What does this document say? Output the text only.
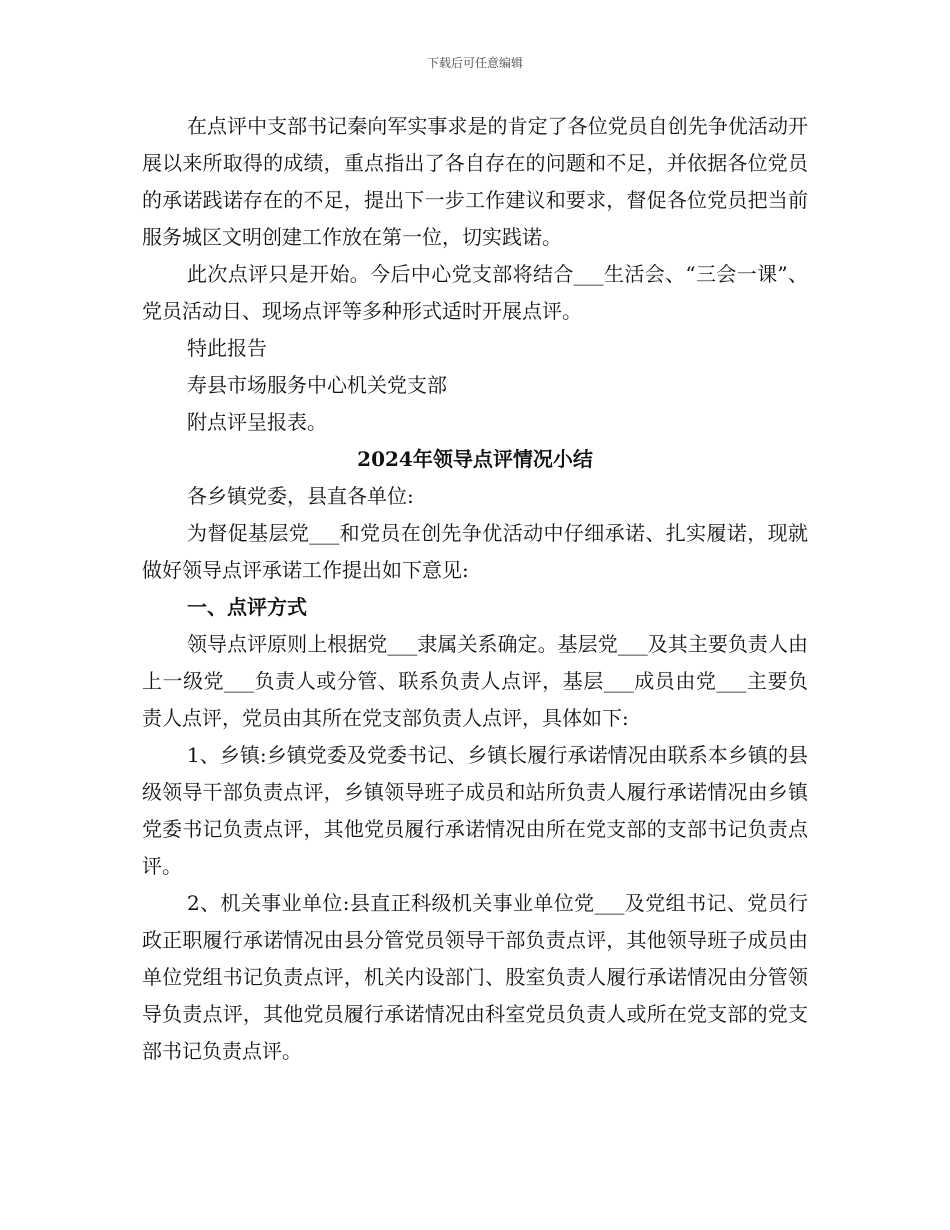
下载后可任意编辑

在点评中支部书记秦向军实事求是的肯定了各位党员自创先争优活动开展以来所取得的成绩，重点指出了各自存在的问题和不足，并依据各位党员的承诺践诺存在的不足，提出下一步工作建议和要求，督促各位党员把当前服务城区文明创建工作放在第一位，切实践诺。

此次点评只是开始。今后中心党支部将结合___生活会、“三会一课”、党员活动日、现场点评等多种形式适时开展点评。

特此报告

寿县市场服务中心机关党支部

附点评呈报表。

2024年领导点评情况小结

各乡镇党委，县直各单位:

为督促基层党___和党员在创先争优活动中仔细承诺、扎实履诺，现就做好领导点评承诺工作提出如下意见:

一、点评方式

领导点评原则上根据党___隶属关系确定。基层党___及其主要负责人由上一级党___负责人或分管、联系负责人点评，基层___成员由党___主要负责人点评，党员由其所在党支部负责人点评，具体如下:

1、乡镇:乡镇党委及党委书记、乡镇长履行承诺情况由联系本乡镇的县级领导干部负责点评，乡镇领导班子成员和站所负责人履行承诺情况由乡镇党委书记负责点评，其他党员履行承诺情况由所在党支部的支部书记负责点评。

2、机关事业单位:县直正科级机关事业单位党___及党组书记、党员行政正职履行承诺情况由县分管党员领导干部负责点评，其他领导班子成员由单位党组书记负责点评，机关内设部门、股室负责人履行承诺情况由分管领导负责点评，其他党员履行承诺情况由科室党员负责人或所在党支部的党支部书记负责点评。
